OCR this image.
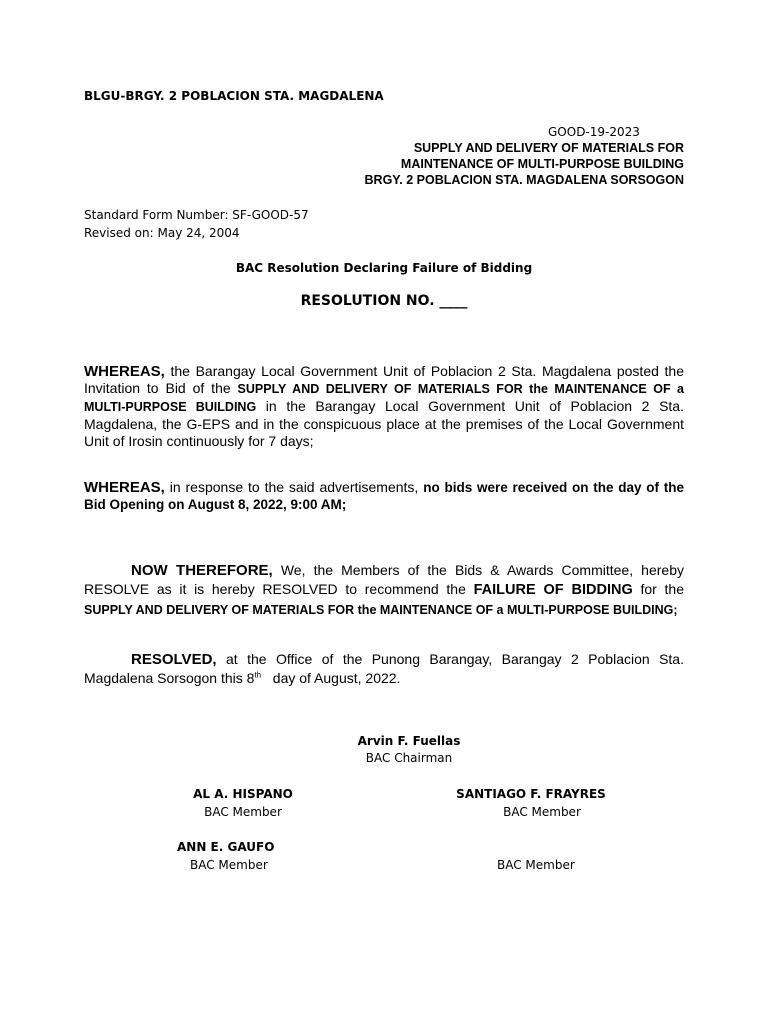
BLGU-BRGY. 2 POBLACION STA. MAGDALENA
GOOD-19-2023
SUPPLY AND DELIVERY OF MATERIALS FOR
MAINTENANCE OF MULTI-PURPOSE BUILDING
BRGY. 2 POBLACION STA. MAGDALENA SORSOGON
Standard Form Number: SF-GOOD-57
Revised on: May 24, 2004
BAC Resolution Declaring Failure of Bidding
RESOLUTION NO. ____
WHEREAS, the Barangay Local Government Unit of Poblacion 2 Sta. Magdalena posted the Invitation to Bid of the SUPPLY AND DELIVERY OF MATERIALS FOR the MAINTENANCE OF a MULTI-PURPOSE BUILDING in the Barangay Local Government Unit of Poblacion 2 Sta. Magdalena, the G-EPS and in the conspicuous place at the premises of the Local Government Unit of Irosin continuously for 7 days;
WHEREAS, in response to the said advertisements, no bids were received on the day of the Bid Opening on August 8, 2022, 9:00 AM;
NOW THEREFORE, We, the Members of the Bids & Awards Committee, hereby RESOLVE as it is hereby RESOLVED to recommend the FAILURE OF BIDDING for the SUPPLY AND DELIVERY OF MATERIALS FOR the MAINTENANCE OF a MULTI-PURPOSE BUILDING;
RESOLVED, at the Office of the Punong Barangay, Barangay 2 Poblacion Sta. Magdalena Sorsogon this 8th   day of August, 2022.
Arvin F. Fuellas
BAC Chairman
AL A. HISPANO
BAC Member
SANTIAGO F. FRAYRES
BAC Member
ANN E. GAUFO
BAC Member	BAC Member
